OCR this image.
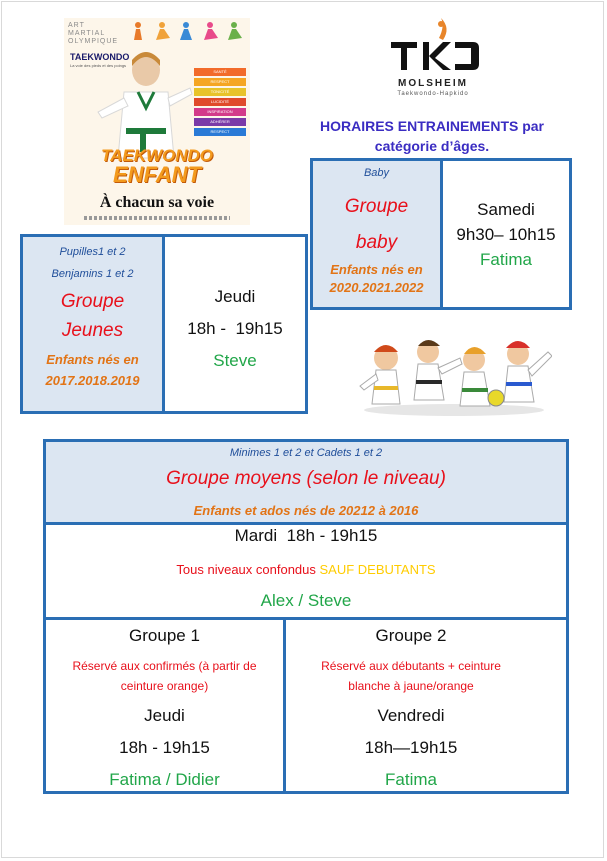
ART
MARTIAL
OLYMPIQUE
TAEKWONDO
La voie des pieds et des poings
SANTÉ
RESPECT
TONICITÉ
LUCIDITÉ
INSPIRATION
ADHÉRER
RESPECT
TAEKWONDO
ENFANT
À chacun sa voie
MOLSHEIM
Taekwondo-Hapkido
HORAIRES ENTRAINEMENTS par
catégorie d’âges.
Baby
Groupe
baby
Enfants nés en
2020.2021.2022
Samedi
9h30– 10h15
Fatima
Pupilles1 et 2
Benjamins 1 et 2
Groupe
Jeunes
Enfants nés en
2017.2018.2019
Jeudi
18h -  19h15
Steve
Minimes 1 et 2 et Cadets 1 et 2
Groupe moyens (selon le niveau)
Enfants et ados nés de 20212 à 2016
Mardi  18h - 19h15
Tous niveaux confondus SAUF DEBUTANTS
Alex / Steve
Groupe 1
Réservé aux confirmés (à partir de
ceinture orange)
Jeudi
18h - 19h15
Fatima / Didier
Groupe 2
Réservé aux débutants + ceinture
blanche à jaune/orange
Vendredi
18h—19h15
Fatima
